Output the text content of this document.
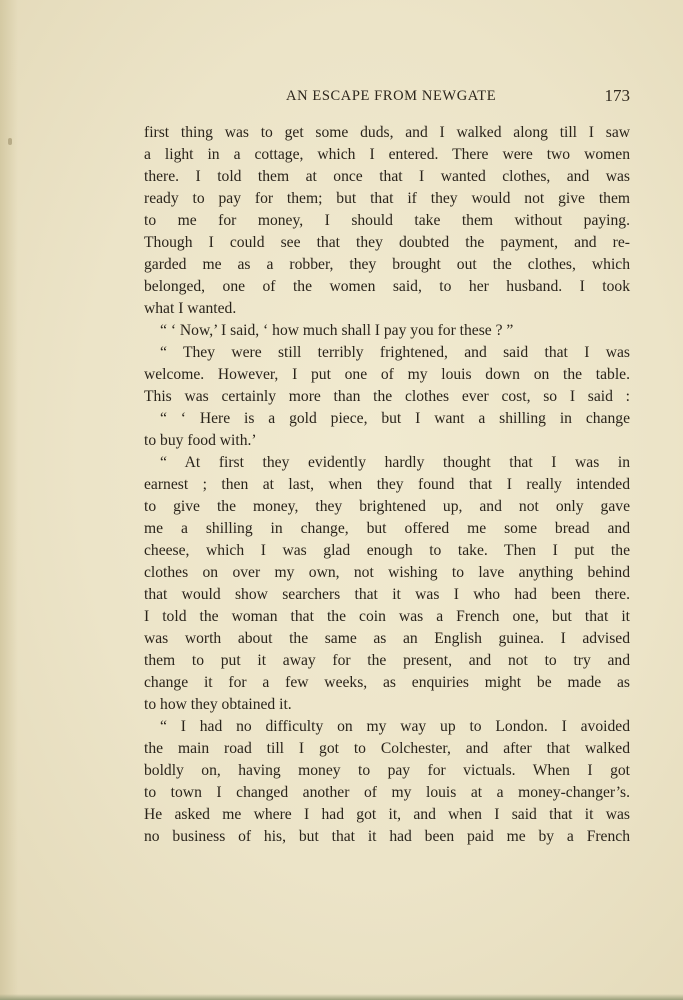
AN ESCAPE FROM NEWGATE	173
first thing was to get some duds, and I walked along till I saw
a light in a cottage, which I entered. There were two women
there. I told them at once that I wanted clothes, and was
ready to pay for them; but that if they would not give them
to me for money, I should take them without paying.
Though I could see that they doubted the payment, and re-
garded me as a robber, they brought out the clothes, which
belonged, one of the women said, to her husband. I took
what I wanted.
“ ‘ Now,’ I said, ‘ how much shall I pay you for these ? ”
“ They were still terribly frightened, and said that I was
welcome. However, I put one of my louis down on the table.
This was certainly more than the clothes ever cost, so I said :
“ ‘ Here is a gold piece, but I want a shilling in change
to buy food with.’
“ At first they evidently hardly thought that I was in
earnest ; then at last, when they found that I really intended
to give the money, they brightened up, and not only gave
me a shilling in change, but offered me some bread and
cheese, which I was glad enough to take. Then I put the
clothes on over my own, not wishing to lave anything behind
that would show searchers that it was I who had been there.
I told the woman that the coin was a French one, but that it
was worth about the same as an English guinea. I advised
them to put it away for the present, and not to try and
change it for a few weeks, as enquiries might be made as
to how they obtained it.
“ I had no difficulty on my way up to London. I avoided
the main road till I got to Colchester, and after that walked
boldly on, having money to pay for victuals. When I got
to town I changed another of my louis at a money-changer’s.
He asked me where I had got it, and when I said that it was
no business of his, but that it had been paid me by a French
